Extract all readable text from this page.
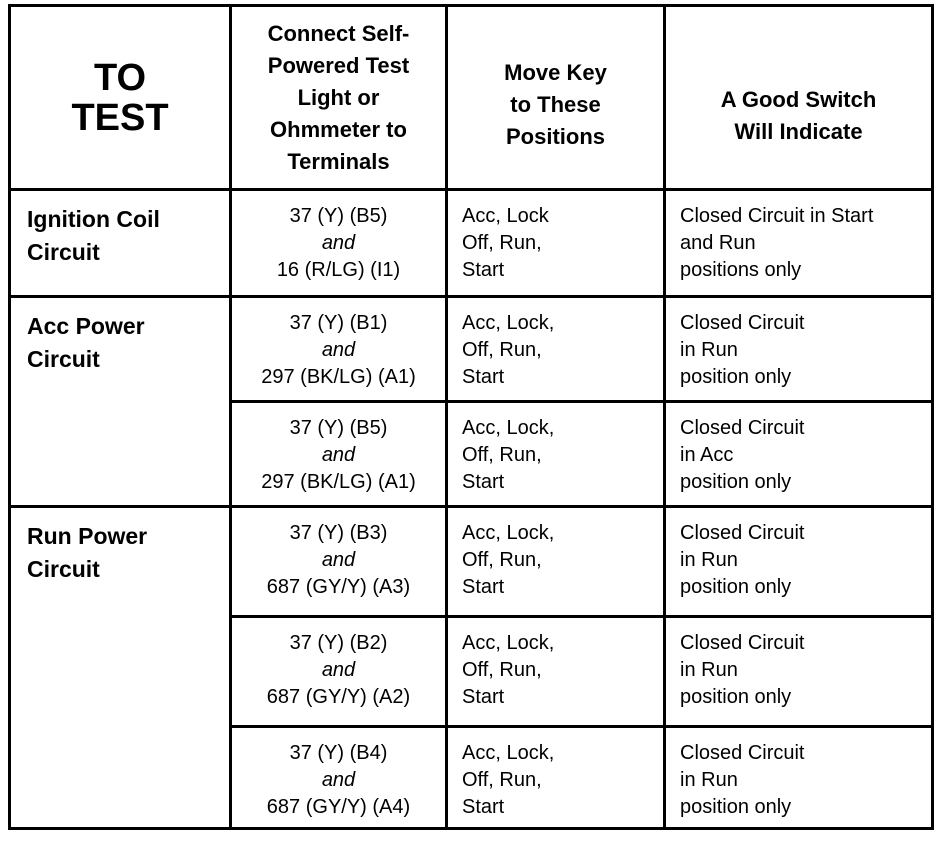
TO
TEST
Connect Self-
Powered Test
Light or
Ohmmeter to
Terminals
Move Key
to These
Positions
A Good Switch
Will Indicate
Ignition Coil
Circuit
Acc Power
Circuit
Run Power
Circuit
37 (Y) (B5)
and
16 (R/LG) (I1)
Acc, Lock
Off, Run,
Start
Closed Circuit in Start
and Run
positions only
37 (Y) (B1)
and
297 (BK/LG) (A1)
Acc, Lock,
Off, Run,
Start
Closed Circuit
in Run
position only
37 (Y) (B5)
and
297 (BK/LG) (A1)
Acc, Lock,
Off, Run,
Start
Closed Circuit
in Acc
position only
37 (Y) (B3)
and
687 (GY/Y) (A3)
Acc, Lock,
Off, Run,
Start
Closed Circuit
in Run
position only
37 (Y) (B2)
and
687 (GY/Y) (A2)
Acc, Lock,
Off, Run,
Start
Closed Circuit
in Run
position only
37 (Y) (B4)
and
687 (GY/Y) (A4)
Acc, Lock,
Off, Run,
Start
Closed Circuit
in Run
position only
